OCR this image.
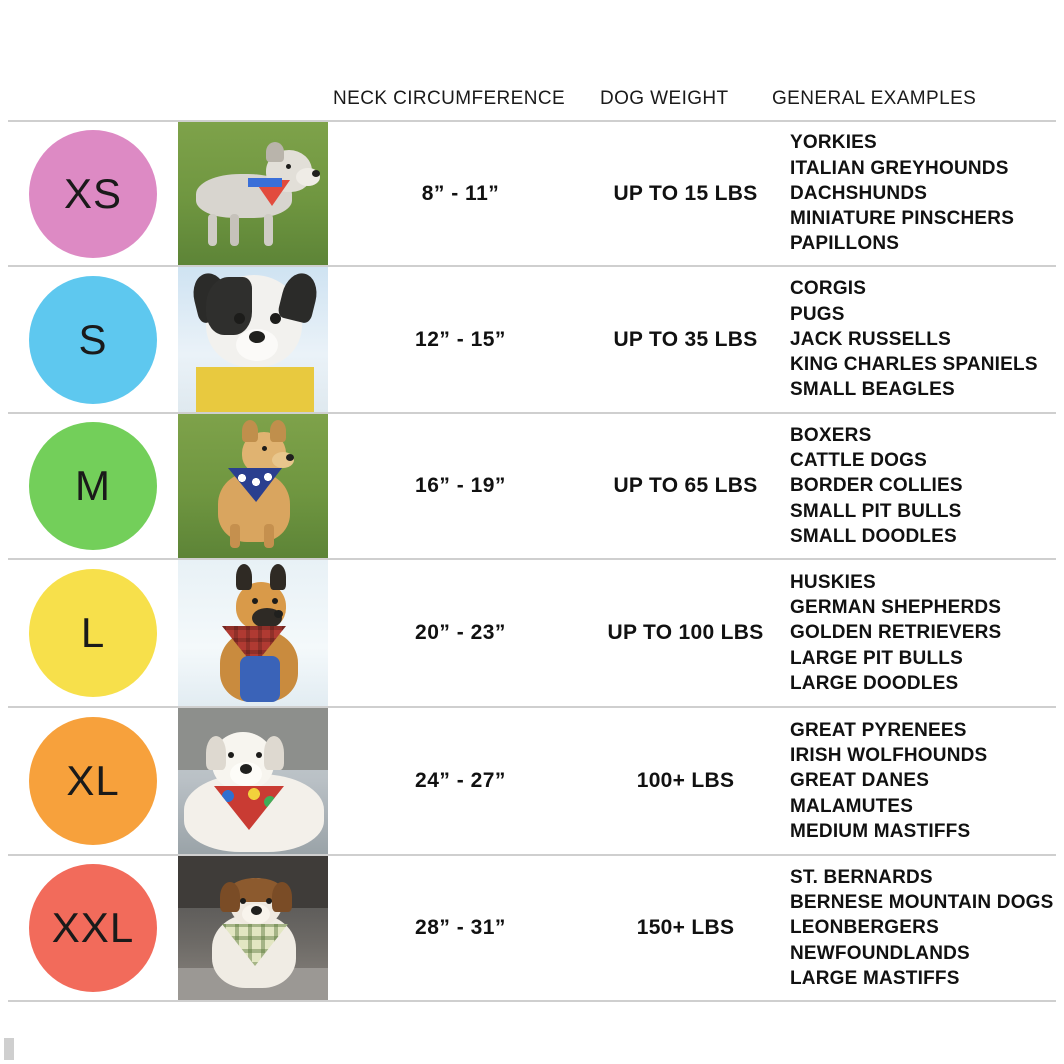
NECK CIRCUMFERENCE DOG WEIGHT GENERAL EXAMPLES
XS	8” - 11”	UP TO 15 LBS
YORKIES
ITALIAN GREYHOUNDS
DACHSHUNDS
MINIATURE PINSCHERS
PAPILLONS
S	12” - 15”	UP TO 35 LBS
CORGIS
PUGS
JACK RUSSELLS
KING CHARLES SPANIELS
SMALL BEAGLES
M	16” - 19”	UP TO 65 LBS
BOXERS
CATTLE DOGS
BORDER COLLIES
SMALL PIT BULLS
SMALL DOODLES
L	20” - 23”	UP TO 100 LBS
HUSKIES
GERMAN SHEPHERDS
GOLDEN RETRIEVERS
LARGE PIT BULLS
LARGE DOODLES
XL	24” - 27”	100+ LBS
GREAT PYRENEES
IRISH WOLFHOUNDS
GREAT DANES
MALAMUTES
MEDIUM MASTIFFS
XXL	28” - 31”	150+ LBS
ST. BERNARDS
BERNESE MOUNTAIN DOGS
LEONBERGERS
NEWFOUNDLANDS
LARGE MASTIFFS
